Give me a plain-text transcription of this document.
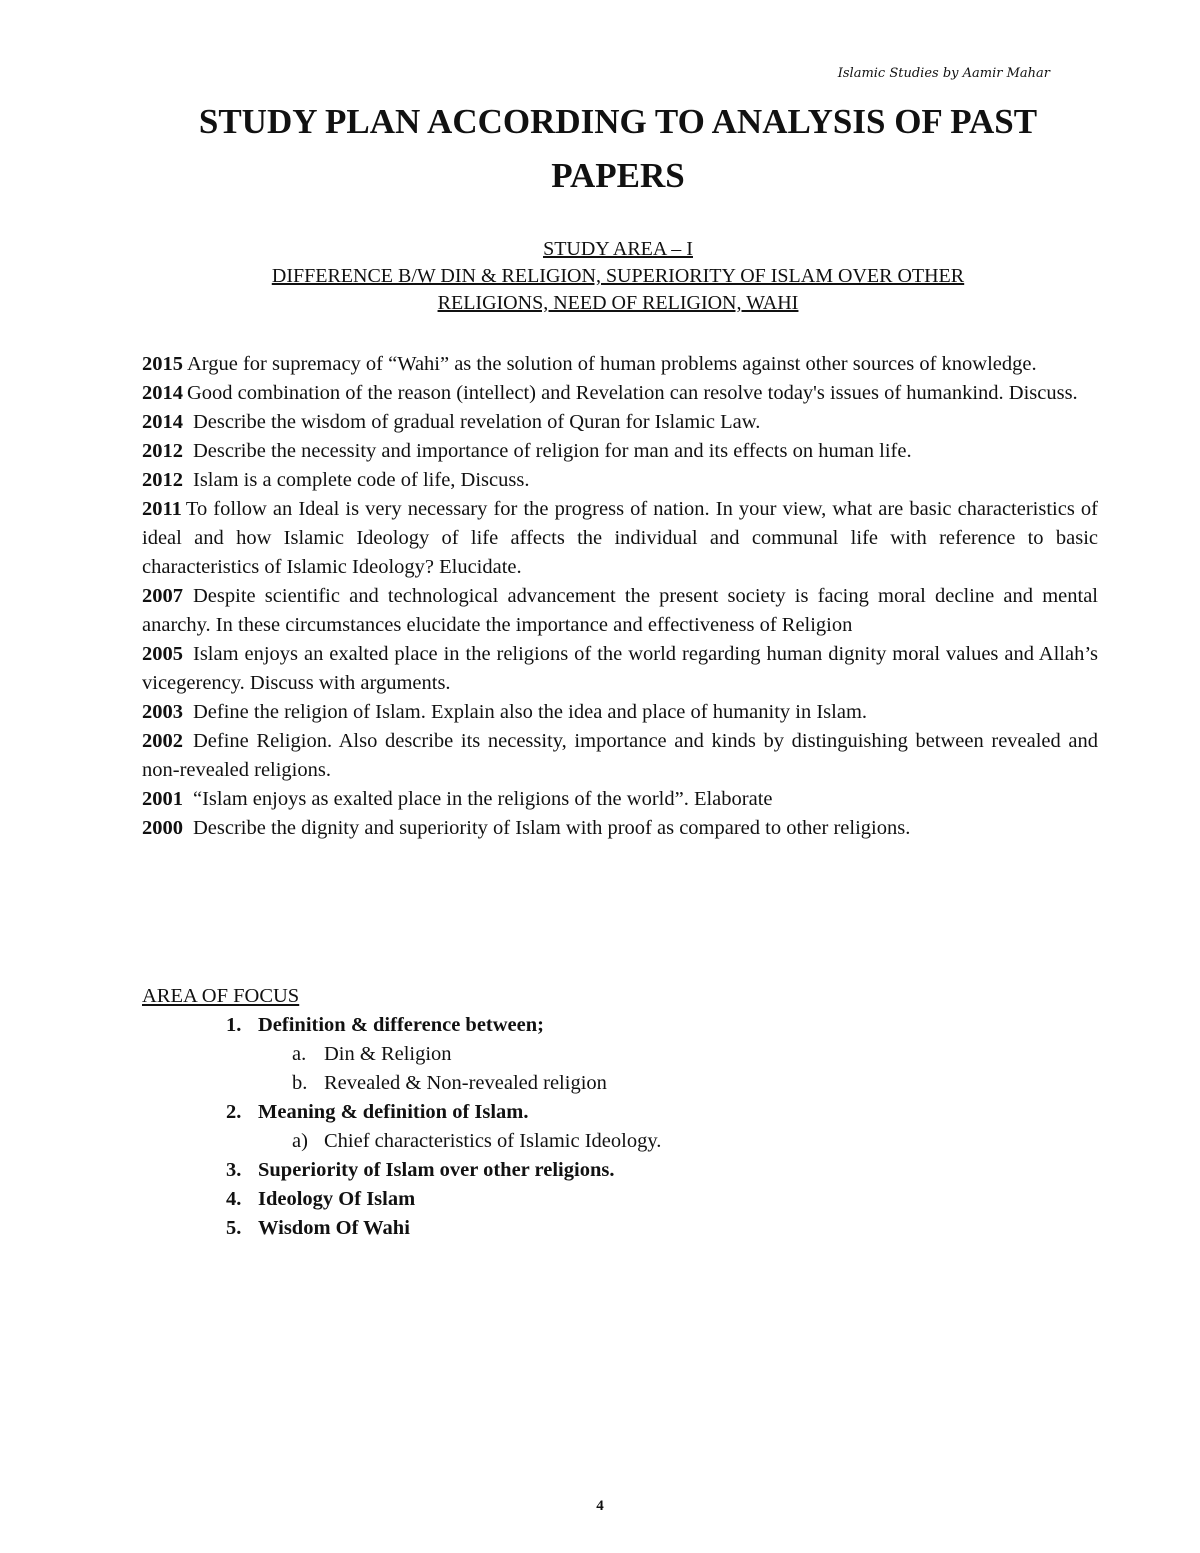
Islamic Studies by Aamir Mahar
STUDY PLAN ACCORDING TO ANALYSIS OF PAST PAPERS
STUDY AREA – I
DIFFERENCE B/W DIN & RELIGION, SUPERIORITY OF ISLAM OVER OTHER
RELIGIONS, NEED OF RELIGION, WAHI
2015 Argue for supremacy of “Wahi” as the solution of human problems against other sources of knowledge.
2014 Good combination of the reason (intellect) and Revelation can resolve today's issues of humankind. Discuss.
2014 Describe the wisdom of gradual revelation of Quran for Islamic Law.
2012 Describe the necessity and importance of religion for man and its effects on human life.
2012 Islam is a complete code of life, Discuss.
2011 To follow an Ideal is very necessary for the progress of nation. In your view, what are basic characteristics of ideal and how Islamic Ideology of life affects the individual and communal life with reference to basic characteristics of Islamic Ideology? Elucidate.
2007 Despite scientific and technological advancement the present society is facing moral decline and mental anarchy. In these circumstances elucidate the importance and effectiveness of Religion
2005 Islam enjoys an exalted place in the religions of the world regarding human dignity moral values and Allah’s vicegerency. Discuss with arguments.
2003 Define the religion of Islam. Explain also the idea and place of humanity in Islam.
2002 Define Religion. Also describe its necessity, importance and kinds by distinguishing between revealed and non-revealed religions.
2001 “Islam enjoys as exalted place in the religions of the world”. Elaborate
2000 Describe the dignity and superiority of Islam with proof as compared to other religions.
AREA OF FOCUS
1. Definition & difference between;
a. Din & Religion
b. Revealed & Non-revealed religion
2. Meaning & definition of Islam.
a) Chief characteristics of Islamic Ideology.
3. Superiority of Islam over other religions.
4. Ideology Of Islam
5. Wisdom Of Wahi
4
